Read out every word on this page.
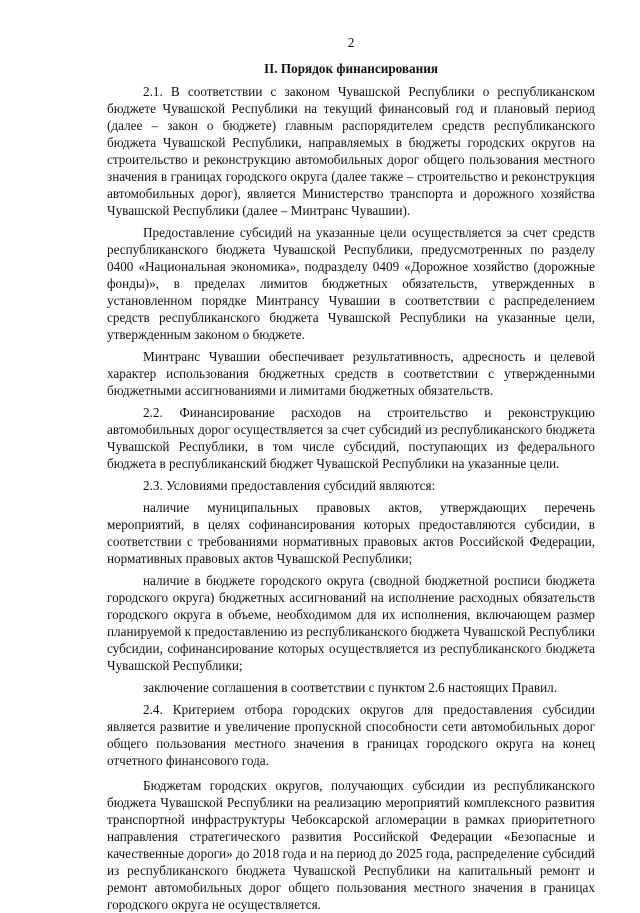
2
II. Порядок финансирования

2.1. В соответствии с законом Чувашской Республики о республиканском бюджете Чувашской Республики на текущий финансовый год и плановый период (далее – закон о бюджете) главным распорядителем средств республиканского бюджета Чувашской Республики, направляемых в бюджеты городских округов на строительство и реконструкцию автомобильных дорог общего пользования местного значения в границах городского округа (далее также – строительство и реконструкция автомобильных дорог), является Министерство транспорта и дорожного хозяйства Чувашской Республики (далее – Минтранс Чувашии).

Предоставление субсидий на указанные цели осуществляется за счет средств республиканского бюджета Чувашской Республики, предусмотренных по разделу 0400 «Национальная экономика», подразделу 0409 «Дорожное хозяйство (дорожные фонды)», в пределах лимитов бюджетных обязательств, утвержденных в установленном порядке Минтрансу Чувашии в соответствии с распределением средств республиканского бюджета Чувашской Республики на указанные цели, утвержденным законом о бюджете.

Минтранс Чувашии обеспечивает результативность, адресность и целевой характер использования бюджетных средств в соответствии с утвержденными бюджетными ассигнованиями и лимитами бюджетных обязательств.

2.2. Финансирование расходов на строительство и реконструкцию автомобильных дорог осуществляется за счет субсидий из республиканского бюджета Чувашской Республики, в том числе субсидий, поступающих из федерального бюджета в республиканский бюджет Чувашской Республики на указанные цели.

2.3. Условиями предоставления субсидий являются:

наличие муниципальных правовых актов, утверждающих перечень мероприятий, в целях софинансирования которых предоставляются субсидии, в соответствии с требованиями нормативных правовых актов Российской Федерации, нормативных правовых актов Чувашской Республики;

наличие в бюджете городского округа (сводной бюджетной росписи бюджета городского округа) бюджетных ассигнований на исполнение расходных обязательств городского округа в объеме, необходимом для их исполнения, включающем размер планируемой к предоставлению из республиканского бюджета Чувашской Республики субсидии, софинансирование которых осуществляется из республиканского бюджета Чувашской Республики;

заключение соглашения в соответствии с пунктом 2.6 настоящих Правил.

2.4. Критерием отбора городских округов для предоставления субсидии является развитие и увеличение пропускной способности сети автомобильных дорог общего пользования местного значения в границах городского округа на конец отчетного финансового года.

Бюджетам городских округов, получающих субсидии из республиканского бюджета Чувашской Республики на реализацию мероприятий комплексного развития транспортной инфраструктуры Чебоксарской агломерации в рамках приоритетного направления стратегического развития Российской Федерации «Безопасные и качественные дороги» до 2018 года и на период до 2025 года, распределение субсидий из республиканского бюджета Чувашской Республики на капитальный ремонт и ремонт автомобильных дорог общего пользования местного значения в границах городского округа не осуществляется.
